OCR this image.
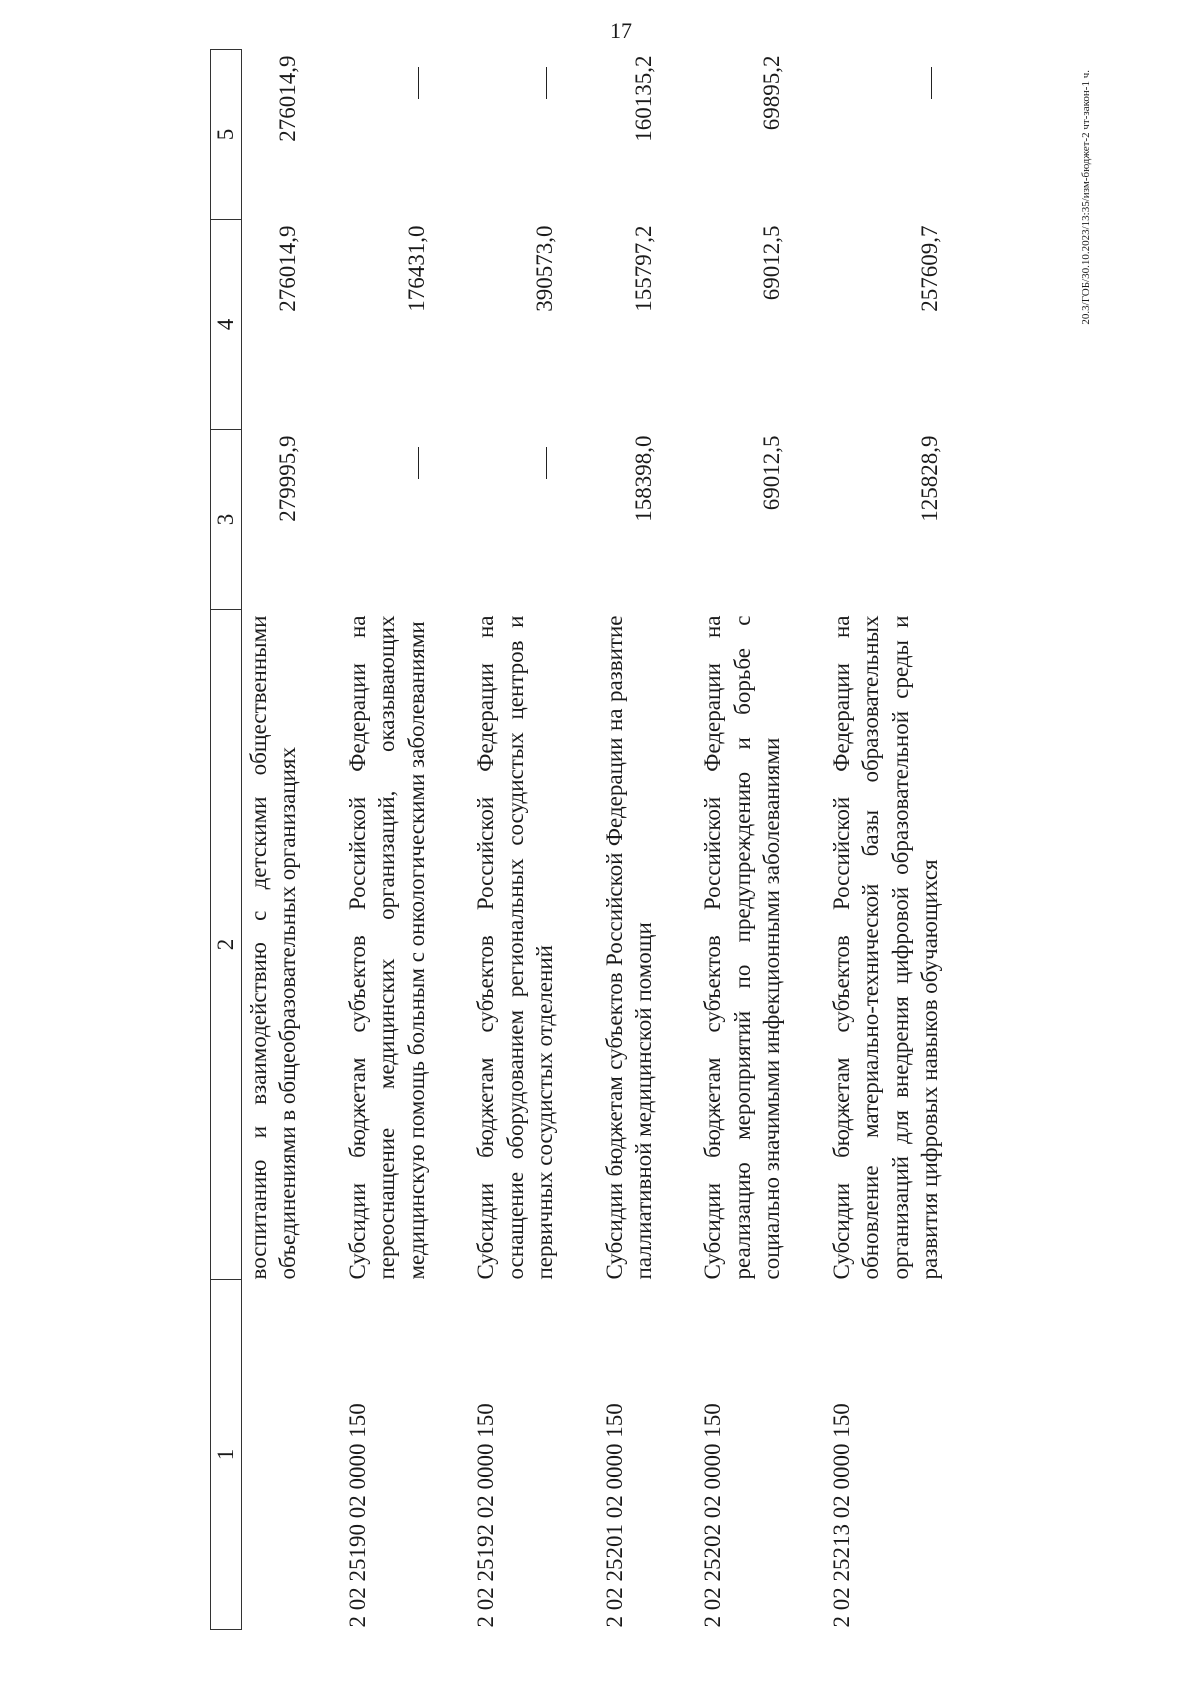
17
1	2	3	4	5
	воспитанию и взаимодействию с детскими общественными объединениями в общеобразовательных организациях	279995,9	276014,9	276014,9
2 02 25190 02 0000 150	Субсидии бюджетам субъектов Российской Федерации на переоснащение медицинских организаций, оказывающих медицинскую помощь больным с онкологическими заболеваниями		176431,0	
2 02 25192 02 0000 150	Субсидии бюджетам субъектов Российской Федерации на оснащение оборудованием региональных сосудистых центров и первичных сосудистых отделений		390573,0	
2 02 25201 02 0000 150	Субсидии бюджетам субъектов Российской Федерации на развитие паллиативной медицинской помощи	158398,0	155797,2	160135,2
2 02 25202 02 0000 150	Субсидии бюджетам субъектов Российской Федерации на реализацию мероприятий по предупреждению и борьбе с социально значимыми инфекционными заболеваниями	69012,5	69012,5	69895,2
2 02 25213 02 0000 150	Субсидии бюджетам субъектов Российской Федерации на обновление материально-технической базы образовательных организаций для внедрения цифровой образовательной среды и развития цифровых навыков обучающихся	125828,9	257609,7		20.3/ГОБ/30.10.2023/13:35/изм-бюджет-2 чт-закон-1 ч.
